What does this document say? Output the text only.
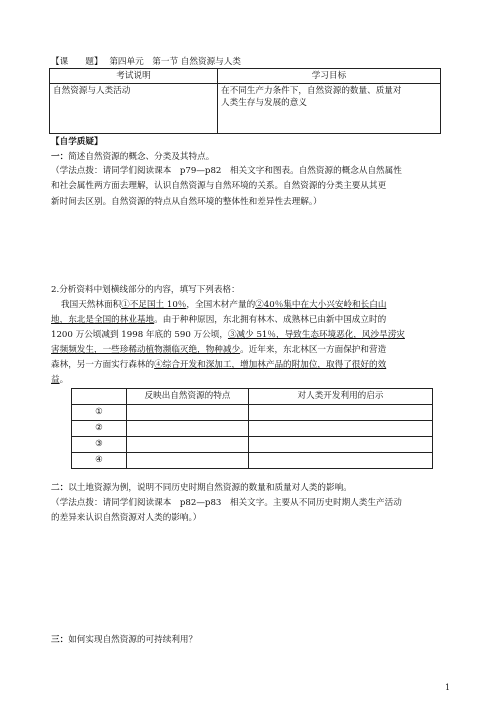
【课　　题】 第四单元　第一节 自然资源与人类
考试说明	学习目标
自然资源与人类活动	在不同生产力条件下，自然资源的数量、质量对
人类生存与发展的意义
【自学质疑】
一：简述自然资源的概念、分类及其特点。
（学法点拨：请同学们阅读课本　p79—p82　相关文字和图表。自然资源的概念从自然属性
和社会属性两方面去理解，认识自然资源与自然环境的关系。自然资源的分类主要从其更
新时间去区别。自然资源的特点从自然环境的整体性和差异性去理解。）
2.分析资料中划横线部分的内容，填写下列表格：
我国天然林面积①不足国土 10％，全国木材产量的②40％集中在大小兴安岭和长白山
地，东北是全国的林业基地。由于种种原因，东北拥有林木、成熟林已由新中国成立时的
1200 万公顷减到 1998 年底的 590 万公顷，③减少 51％，导致生态环境恶化，风沙旱涝灾
害频频发生，一些珍稀动植物濒临灭绝，物种减少。近年来，东北林区一方面保护和营造
森林，另一方面实行森林的④综合开发和深加工，增加林产品的附加位，取得了很好的效
益。
	反映出自然资源的特点	对人类开发利用的启示
①		
②		
③		
④		
二：以土地资源为例，说明不同历史时期自然资源的数量和质量对人类的影响。
（学法点拨：请同学们阅读课本　p82—p83　相关文字。主要从不同历史时期人类生产活动
的差异来认识自然资源对人类的影响。）
三：如何实现自然资源的可持续利用？
1
